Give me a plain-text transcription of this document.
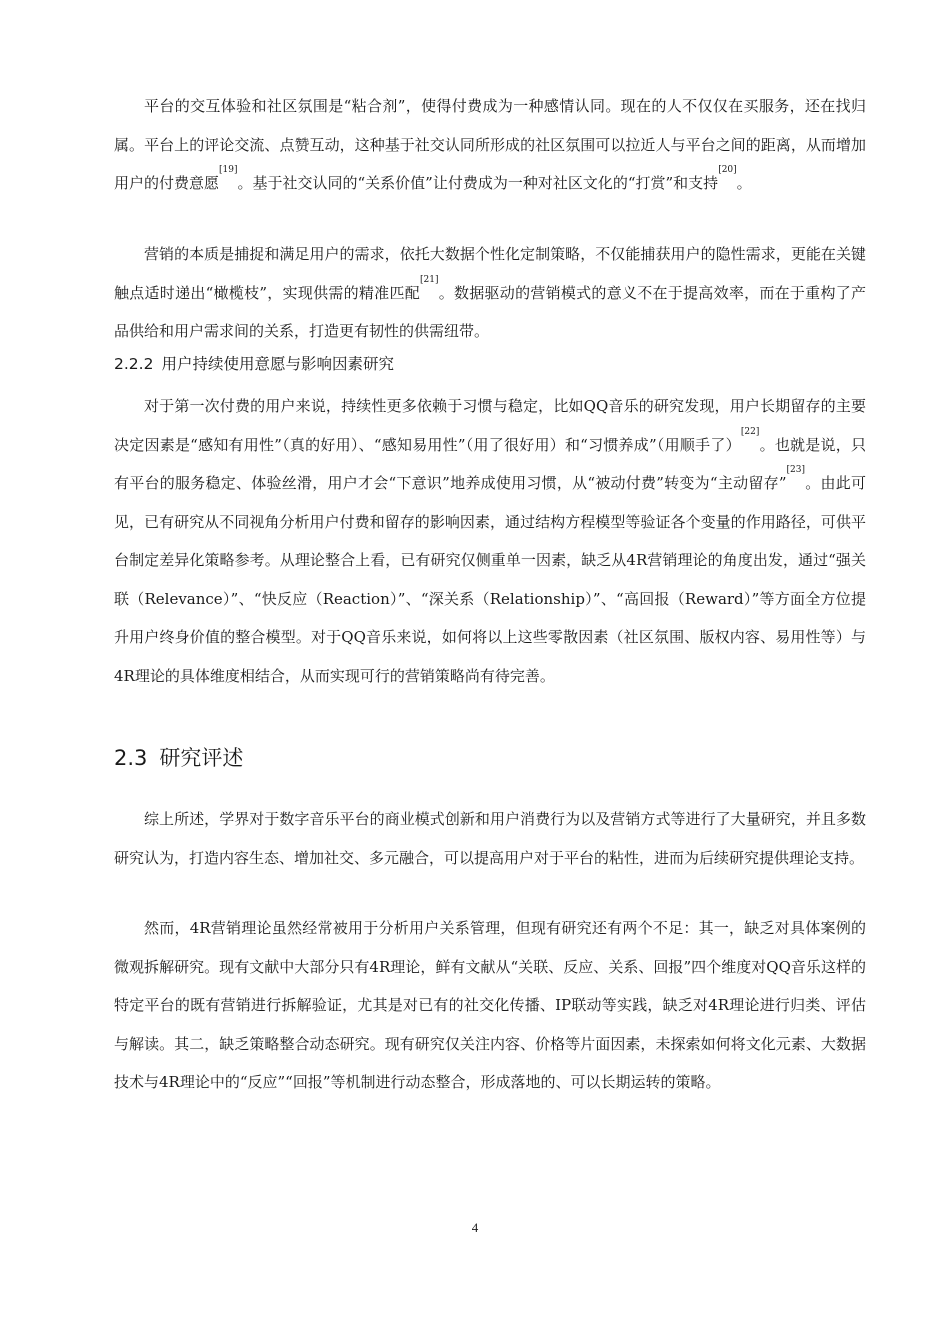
平台的交互体验和社区氛围是“粘合剂”，使得付费成为一种感情认同。现在的人不仅仅在买服务，还在找归属。平台上的评论交流、点赞互动，这种基于社交认同所形成的社区氛围可以拉近人与平台之间的距离，从而增加用户的付费意愿[19]。基于社交认同的“关系价值”让付费成为一种对社区文化的“打赏”和支持[20]。

营销的本质是捕捉和满足用户的需求，依托大数据个性化定制策略，不仅能捕获用户的隐性需求，更能在关键触点适时递出“橄榄枝”，实现供需的精准匹配[21]。数据驱动的营销模式的意义不在于提高效率，而在于重构了产品供给和用户需求间的关系，打造更有韧性的供需纽带。

2.2.2 用户持续使用意愿与影响因素研究

对于第一次付费的用户来说，持续性更多依赖于习惯与稳定，比如QQ音乐的研究发现，用户长期留存的主要决定因素是“感知有用性”（真的好用）、“感知易用性”（用了很好用）和“习惯养成”（用顺手了）[22]。也就是说，只有平台的服务稳定、体验丝滑，用户才会“下意识”地养成使用习惯，从“被动付费”转变为“主动留存”[23]。由此可见，已有研究从不同视角分析用户付费和留存的影响因素，通过结构方程模型等验证各个变量的作用路径，可供平台制定差异化策略参考。从理论整合上看，已有研究仅侧重单一因素，缺乏从4R营销理论的角度出发，通过“强关联（Relevance）”、“快反应（Reaction）”、“深关系（Relationship）”、“高回报（Reward）”等方面全方位提升用户终身价值的整合模型。对于QQ音乐来说，如何将以上这些零散因素（社区氛围、版权内容、易用性等）与4R理论的具体维度相结合，从而实现可行的营销策略尚有待完善。

2.3 研究评述

综上所述，学界对于数字音乐平台的商业模式创新和用户消费行为以及营销方式等进行了大量研究，并且多数研究认为，打造内容生态、增加社交、多元融合，可以提高用户对于平台的粘性，进而为后续研究提供理论支持。

然而，4R营销理论虽然经常被用于分析用户关系管理，但现有研究还有两个不足：其一，缺乏对具体案例的微观拆解研究。现有文献中大部分只有4R理论，鲜有文献从“关联、反应、关系、回报”四个维度对QQ音乐这样的特定平台的既有营销进行拆解验证，尤其是对已有的社交化传播、IP联动等实践，缺乏对4R理论进行归类、评估与解读。其二，缺乏策略整合动态研究。现有研究仅关注内容、价格等片面因素，未探索如何将文化元素、大数据技术与4R理论中的“反应”“回报”等机制进行动态整合，形成落地的、可以长期运转的策略。

4
